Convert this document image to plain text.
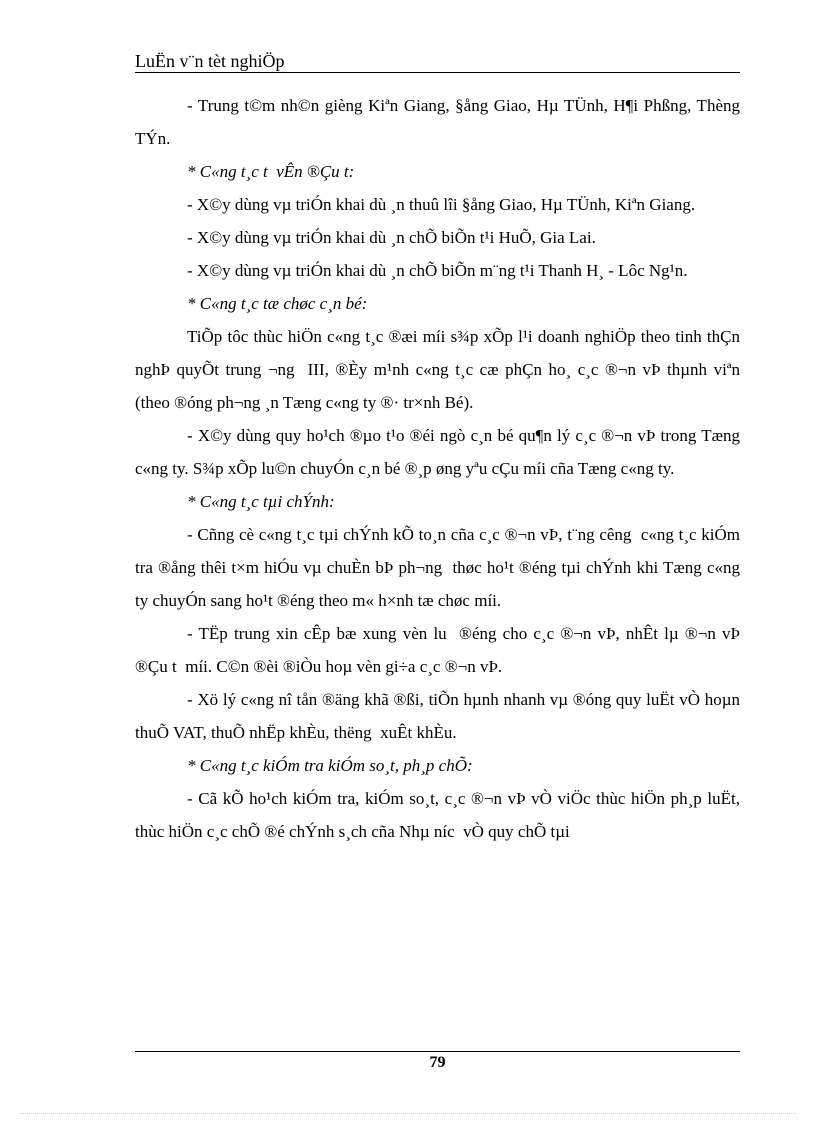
LuËn v¨n tèt nghiÖp

- Trung t©m nh©n gièng Kiªn Giang, §ång Giao, Hµ TÜnh, H¶i Phßng, Thèng  TÝn.

* C«ng t¸c t  vÊn ®Çu t:

- X©y dùng vµ triÓn khai dù ¸n thuû lîi §ång Giao, Hµ TÜnh, Kiªn Giang.

- X©y dùng vµ triÓn khai dù ¸n chÕ biÕn t¹i HuÕ, Gia Lai.

- X©y dùng vµ triÓn khai dù ¸n chÕ biÕn m¨ng t¹i Thanh H¸ - Lôc Ng¹n.

* C«ng t¸c tæ chøc c¸n bé:

TiÕp tôc thùc hiÖn c«ng t¸c ®æi míi s¾p xÕp l¹i doanh nghiÖp theo tinh thÇn nghÞ quyÕt trung ¬ng  III, ®Èy m¹nh c«ng t¸c cæ phÇn ho¸ c¸c ®¬n vÞ thµnh viªn (theo ®óng ph¬ng ¸n Tæng c«ng ty ®· tr×nh Bé).

- X©y dùng quy ho¹ch ®µo t¹o ®éi ngò c¸n bé qu¶n lý c¸c ®¬n vÞ trong Tæng c«ng ty. S¾p xÕp lu©n chuyÓn c¸n bé ®¸p øng yªu cÇu míi cña Tæng c«ng ty.

* C«ng t¸c tµi chÝnh:

- Cñng cè c«ng t¸c tµi chÝnh kÕ to¸n cña c¸c ®¬n vÞ, t¨ng cêng  c«ng t¸c kiÓm tra ®ång thêi t×m hiÓu vµ chuÈn bÞ ph¬ng  thøc ho¹t ®éng tµi chÝnh khi Tæng c«ng ty chuyÓn sang ho¹t ®éng theo m« h×nh tæ chøc míi.

- TËp trung xin cÊp bæ xung vèn lu  ®éng cho c¸c ®¬n vÞ, nhÊt lµ ®¬n vÞ ®Çu t  míi. C©n ®èi ®iÒu hoµ vèn gi÷a c¸c ®¬n vÞ.

- Xö lý c«ng nî tån ®äng khã ®ßi, tiÕn hµnh nhanh vµ ®óng quy luËt vÒ hoµn thuÕ VAT, thuÕ nhËp khÈu, thëng  xuÊt khÈu.

* C«ng t¸c kiÓm tra kiÓm so¸t, ph¸p chÕ:

- Cã kÕ ho¹ch kiÓm tra, kiÓm so¸t, c¸c ®¬n vÞ vÒ viÖc thùc hiÖn ph¸p luËt, thùc hiÖn c¸c chÕ ®é chÝnh s¸ch cña Nhµ níc  vÒ quy chÕ tµi

79
